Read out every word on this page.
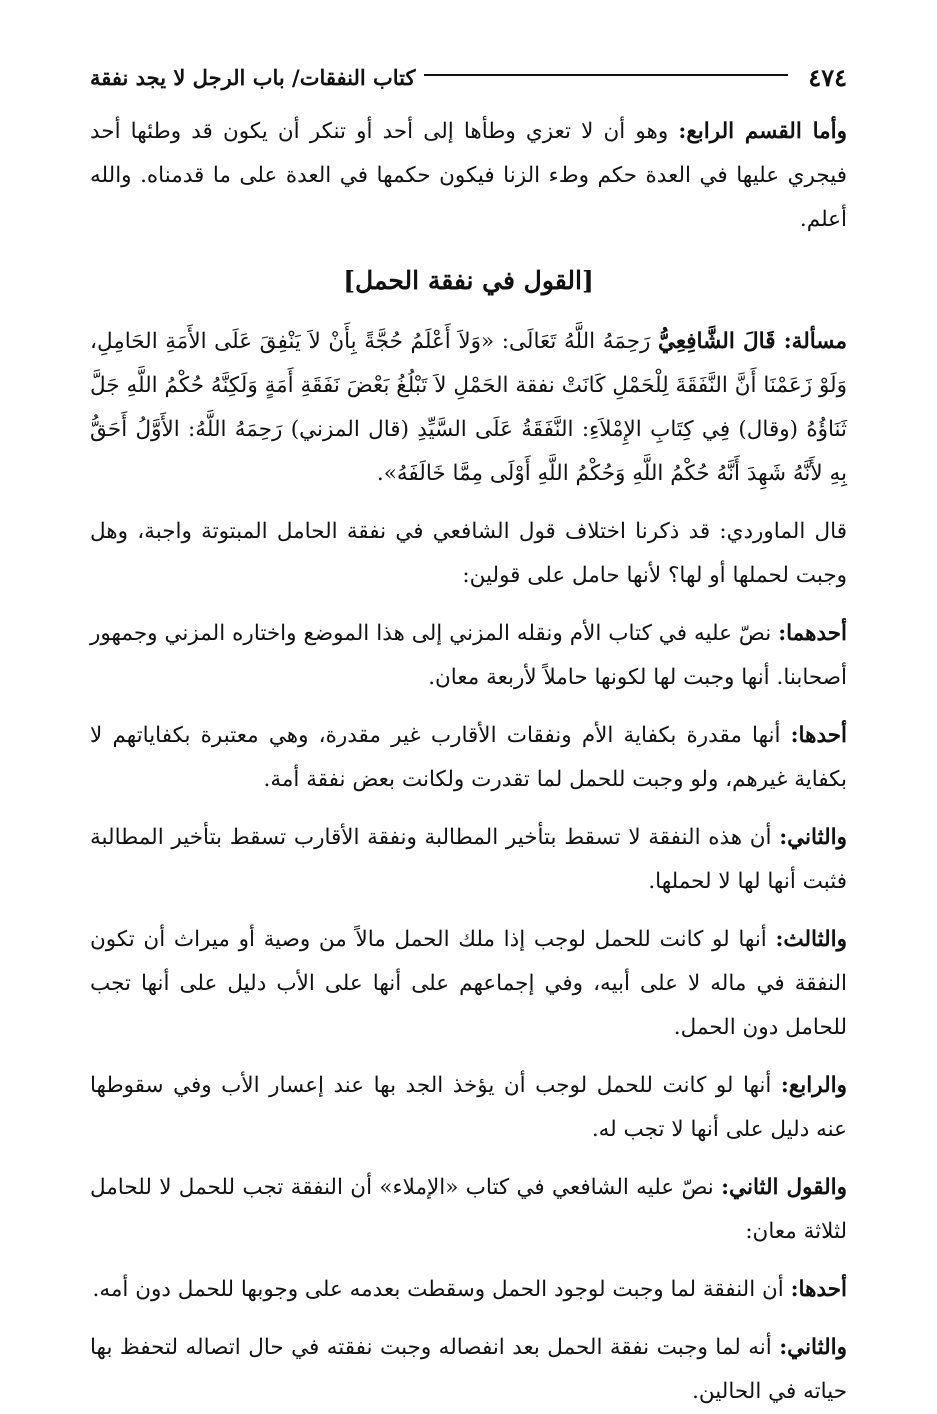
٤٧٤
كتاب النفقات/ باب الرجل لا يجد نفقة

وأما القسم الرابع: وهو أن لا تعزي وطأها إلى أحد أو تنكر أن يكون قد وطئها أحد فيجري عليها في العدة حكم وطء الزنا فيكون حكمها في العدة على ما قدمناه. والله أعلم.

[القول في نفقة الحمل]

مسألة: قَالَ الشَّافِعِيُّ رَحِمَهُ اللَّهُ تَعَالَى: «وَلاَ أَعْلَمُ حُجَّةً بِأَنْ لاَ يَنْفِقَ عَلَى الأَمَةِ الحَامِلِ، وَلَوْ زَعَمْنَا أَنَّ النَّفَقَةَ لِلْحَمْلِ كَانَتْ نفقة الحَمْلِ لاَ تَبْلُغُ بَعْضَ نَفَقَةِ أَمَةٍ وَلَكِنَّهُ حُكْمُ اللَّهِ جَلَّ ثَنَاؤُهُ (وقال) فِي كِتَابِ الإِمْلاَءِ: النَّفَقَةُ عَلَى السَّيِّدِ (قال المزني) رَحِمَهُ اللَّهُ: الأَوَّلُ أَحَقُّ بِهِ لأَنَّهُ شَهِدَ أَنَّهُ حُكْمُ اللَّهِ وَحُكْمُ اللَّهِ أَوْلَى مِمَّا خَالَفَهُ».

قال الماوردي: قد ذكرنا اختلاف قول الشافعي في نفقة الحامل المبتوتة واجبة، وهل وجبت لحملها أو لها؟ لأنها حامل على قولين:

أحدهما: نصّ عليه في كتاب الأم ونقله المزني إلى هذا الموضع واختاره المزني وجمهور أصحابنا. أنها وجبت لها لكونها حاملاً لأربعة معان.

أحدها: أنها مقدرة بكفاية الأم ونفقات الأقارب غير مقدرة، وهي معتبرة بكفاياتهم لا بكفاية غيرهم، ولو وجبت للحمل لما تقدرت ولكانت بعض نفقة أمة.

والثاني: أن هذه النفقة لا تسقط بتأخير المطالبة ونفقة الأقارب تسقط بتأخير المطالبة فثبت أنها لها لا لحملها.

والثالث: أنها لو كانت للحمل لوجب إذا ملك الحمل مالاً من وصية أو ميراث أن تكون النفقة في ماله لا على أبيه، وفي إجماعهم على أنها على الأب دليل على أنها تجب للحامل دون الحمل.

والرابع: أنها لو كانت للحمل لوجب أن يؤخذ الجد بها عند إعسار الأب وفي سقوطها عنه دليل على أنها لا تجب له.

والقول الثاني: نصّ عليه الشافعي في كتاب «الإملاء» أن النفقة تجب للحمل لا للحامل لثلاثة معان:

أحدها: أن النفقة لما وجبت لوجود الحمل وسقطت بعدمه على وجوبها للحمل دون أمه.

والثاني: أنه لما وجبت نفقة الحمل بعد انفصاله وجبت نفقته في حال اتصاله لتحفظ بها حياته في الحالين.
